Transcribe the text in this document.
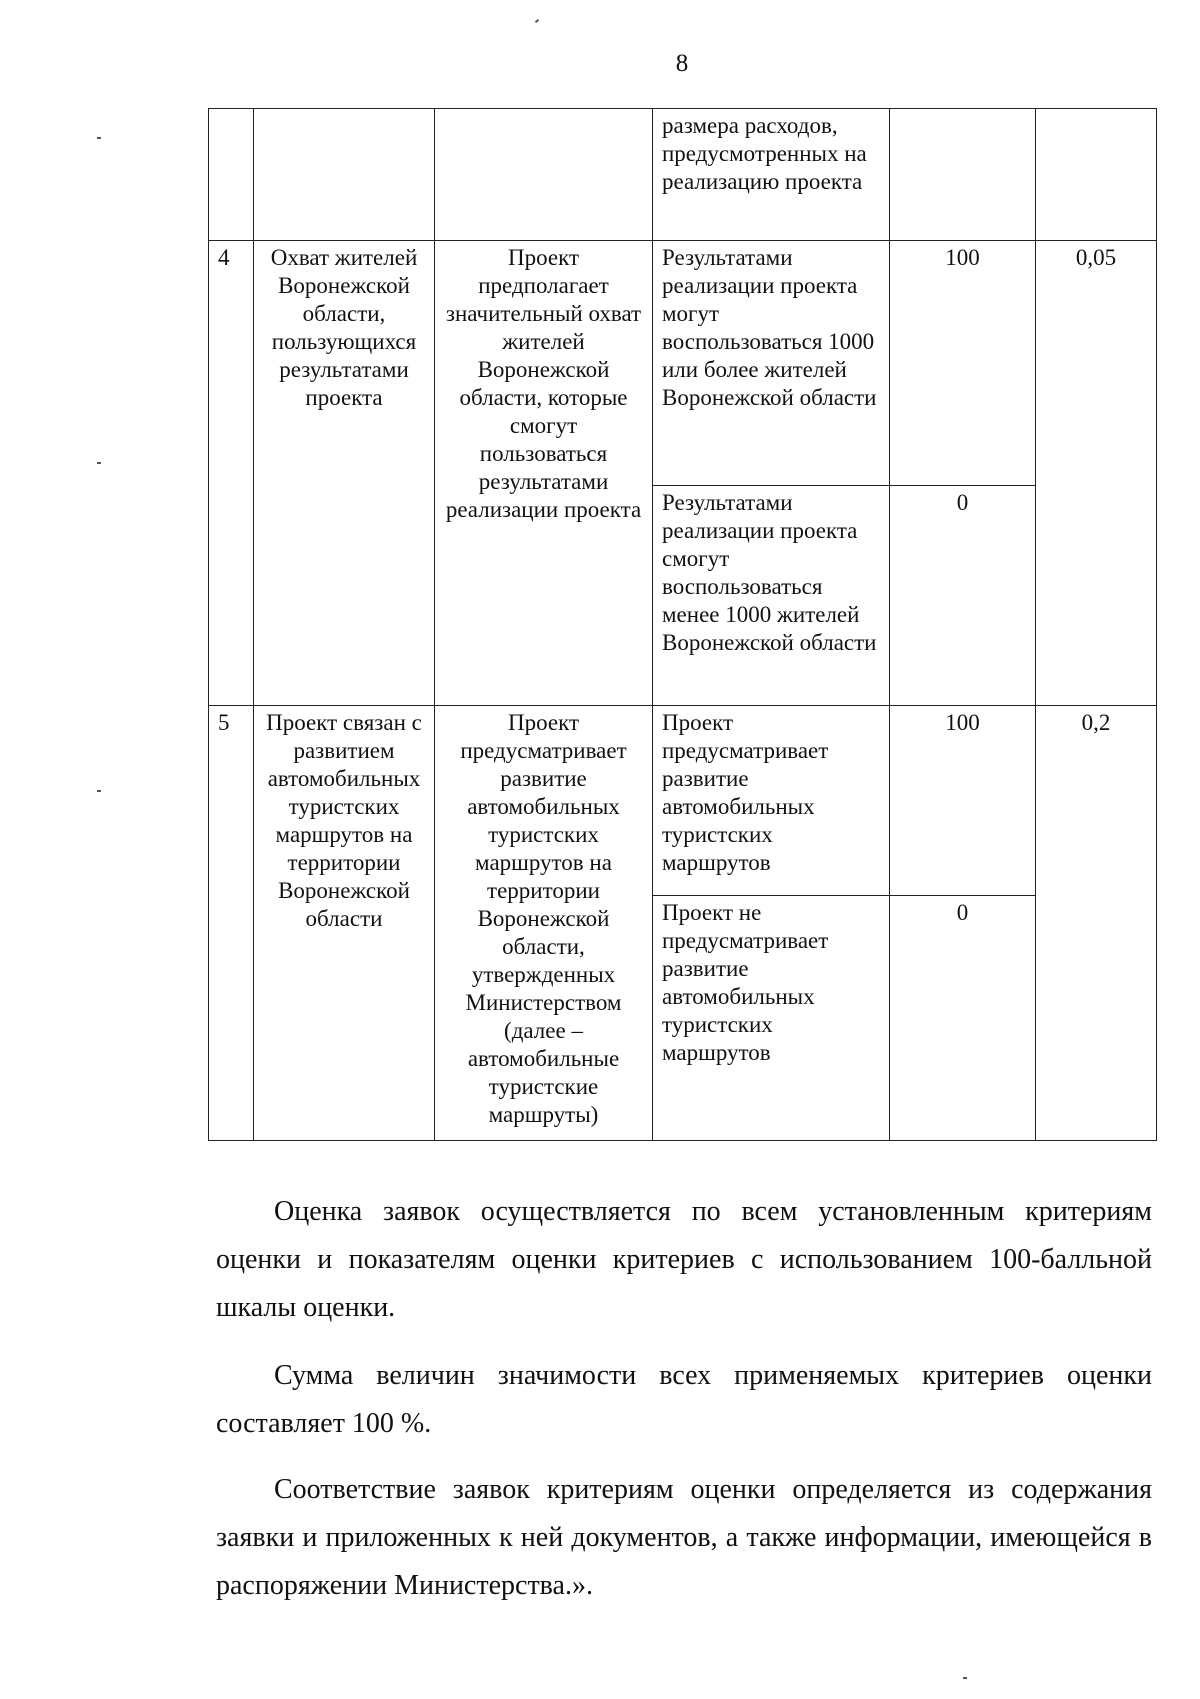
8
			размера расходов, предусмотренных на реализацию проекта		
4	Охват жителей Воронежской области, пользующихся результатами проекта	Проект предполагает значительный охват жителей Воронежской области, которые смогут пользоваться результатами реализации проекта	Результатами реализации проекта могут воспользоваться 1000 или более жителей Воронежской области	100	0,05
			Результатами реализации проекта смогут воспользоваться менее 1000 жителей Воронежской области	0	
5	Проект связан с развитием автомобильных туристских маршрутов на территории Воронежской области	Проект предусматривает развитие автомобильных туристских маршрутов на территории Воронежской области, утвержденных Министерством (далее – автомобильные туристские маршруты)	Проект предусматривает развитие автомобильных туристских маршрутов	100	0,2
			Проект не предусматривает развитие автомобильных туристских маршрутов	0	

Оценка заявок осуществляется по всем установленным критериям оценки и показателям оценки критериев с использованием 100-балльной шкалы оценки.

Сумма величин значимости всех применяемых критериев оценки составляет 100 %.

Соответствие заявок критериям оценки определяется из содержания заявки и приложенных к ней документов, а также информации, имеющейся в распоряжении Министерства.».
